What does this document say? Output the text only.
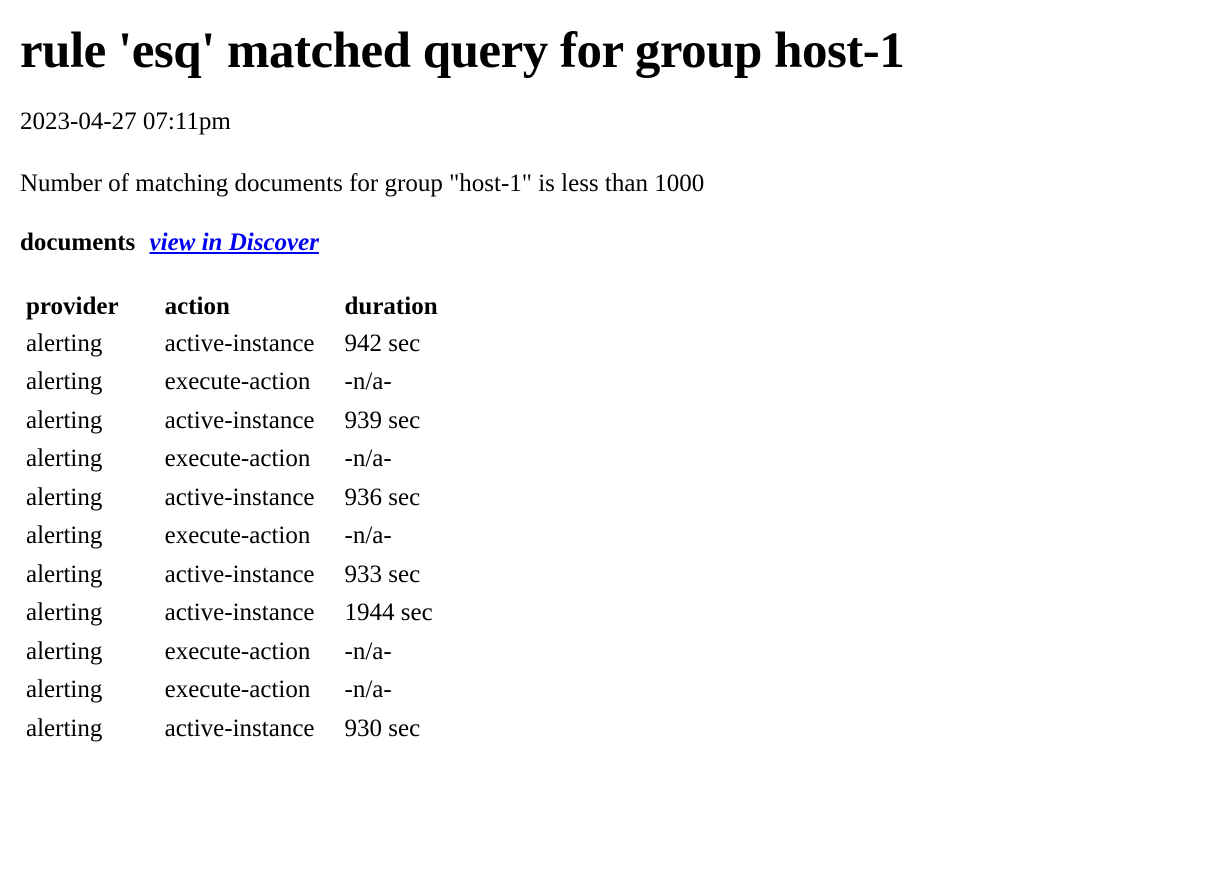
rule 'esq' matched query for group host-1

2023-04-27 07:11pm

Number of matching documents for group "host-1" is less than 1000

documents view in Discover
provider	action	duration
alerting	active-instance	942 sec
alerting	execute-action	-n/a-
alerting	active-instance	939 sec
alerting	execute-action	-n/a-
alerting	active-instance	936 sec
alerting	execute-action	-n/a-
alerting	active-instance	933 sec
alerting	active-instance	1944 sec
alerting	execute-action	-n/a-
alerting	execute-action	-n/a-
alerting	active-instance	930 sec
